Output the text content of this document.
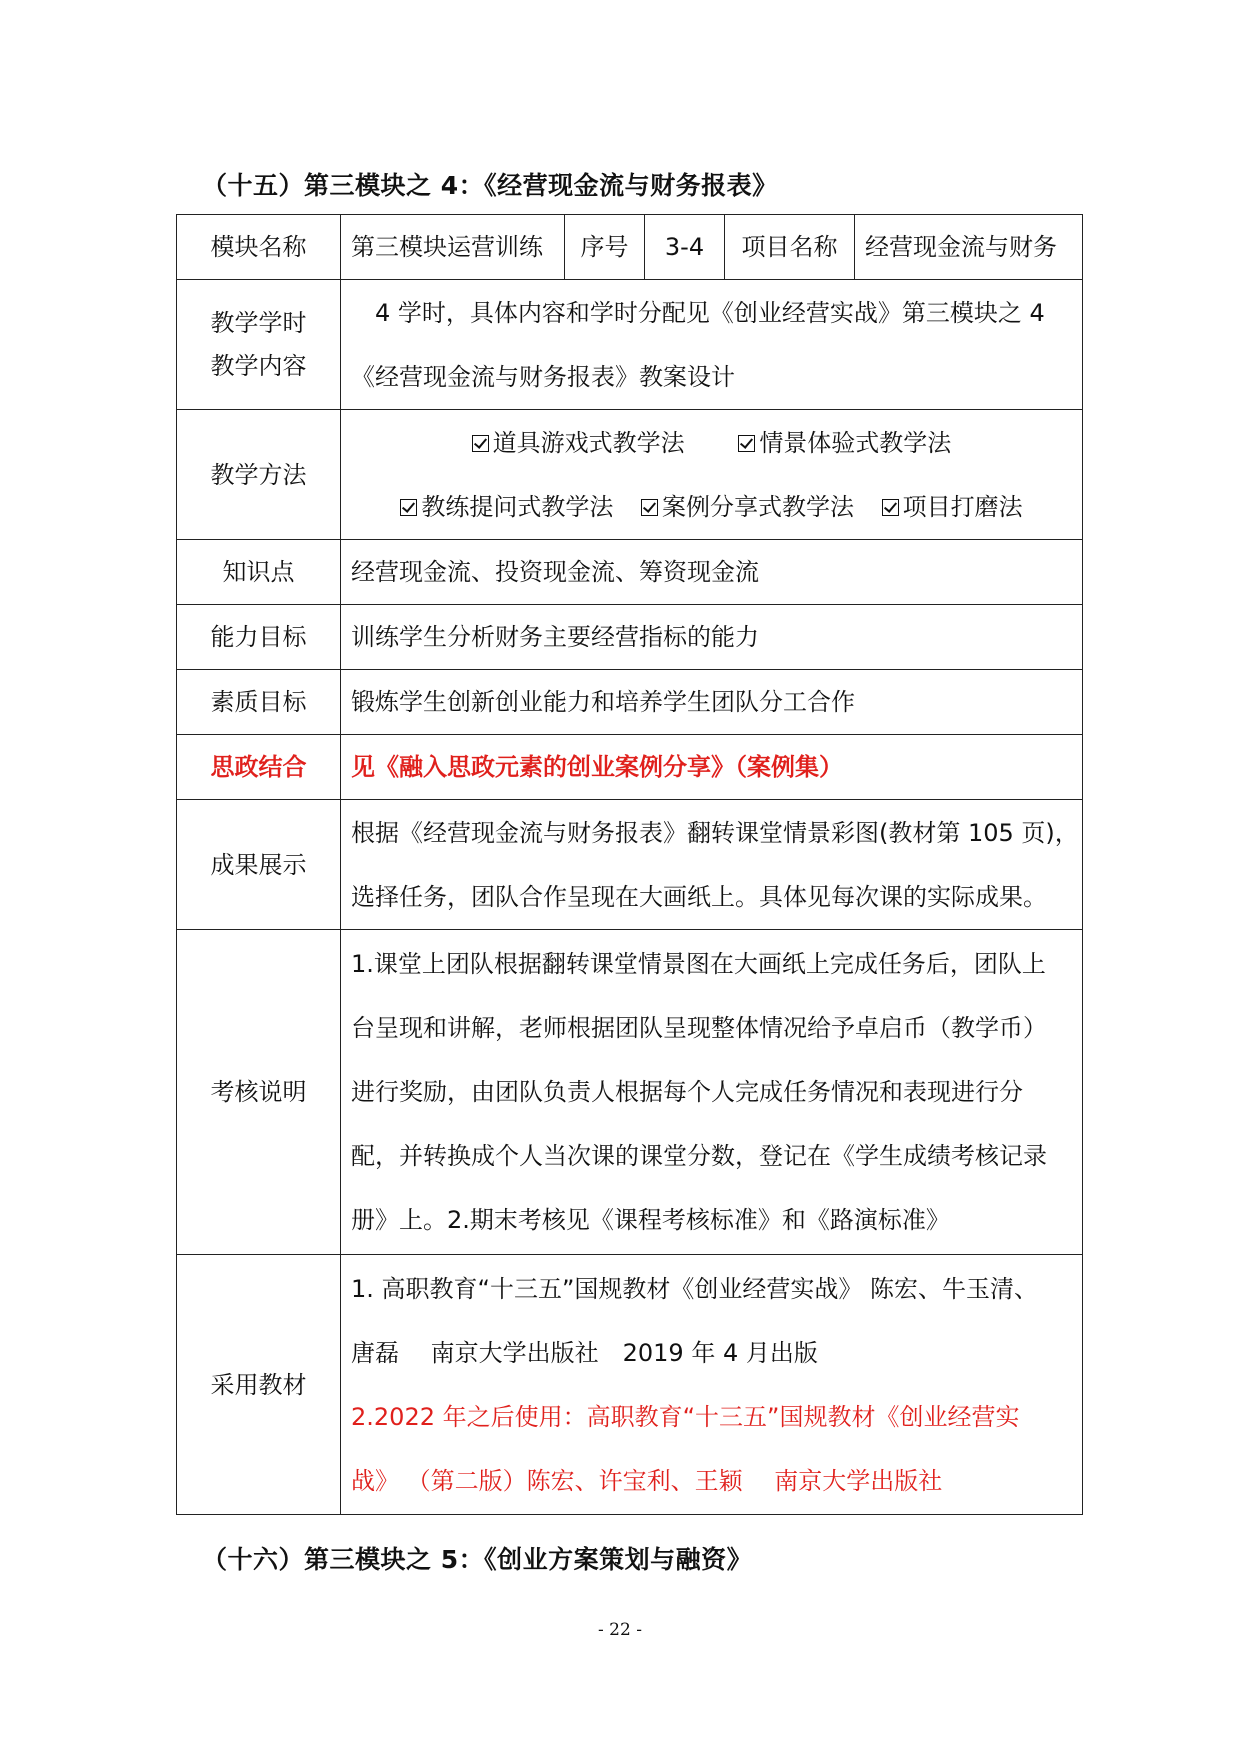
（十五）第三模块之 4：《经营现金流与财务报表》
模块名称	第三模块运营训练	序号	3-4	项目名称	经营现金流与财务

教学学时
教学内容	4 学时，具体内容和学时分配见《创业经营实战》第三模块之 4
《经营现金流与财务报表》教案设计				

教学方法	道具游戏式教学法 情景体验式教学法
教练提问式教学法 案例分享式教学法 项目打磨法				

知识点	经营现金流、投资现金流、筹资现金流				
能力目标	训练学生分析财务主要经营指标的能力				
素质目标	锻炼学生创新创业能力和培养学生团队分工合作				
思政结合	见《融入思政元素的创业案例分享》（案例集）				
成果展示	根据《经营现金流与财务报表》翻转课堂情景彩图(教材第 105 页)，
选择任务，团队合作呈现在大画纸上。具体见每次课的实际成果。				

考核说明	1.课堂上团队根据翻转课堂情景图在大画纸上完成任务后，团队上
台呈现和讲解，老师根据团队呈现整体情况给予卓启币（教学币）
进行奖励，由团队负责人根据每个人完成任务情况和表现进行分
配，并转换成个人当次课的课堂分数，登记在《学生成绩考核记录
册》上。2.期末考核见《课程考核标准》和《路演标准》				

采用教材	1. 高职教育“十三五”国规教材《创业经营实战》 陈宏、牛玉清、
唐磊　 南京大学出版社　2019 年 4 月出版
2.2022 年之后使用：高职教育“十三五”国规教材《创业经营实
战》 （第二版）陈宏、许宝利、王颖　 南京大学出版社				
（十六）第三模块之 5：《创业方案策划与融资》
- 22 -
